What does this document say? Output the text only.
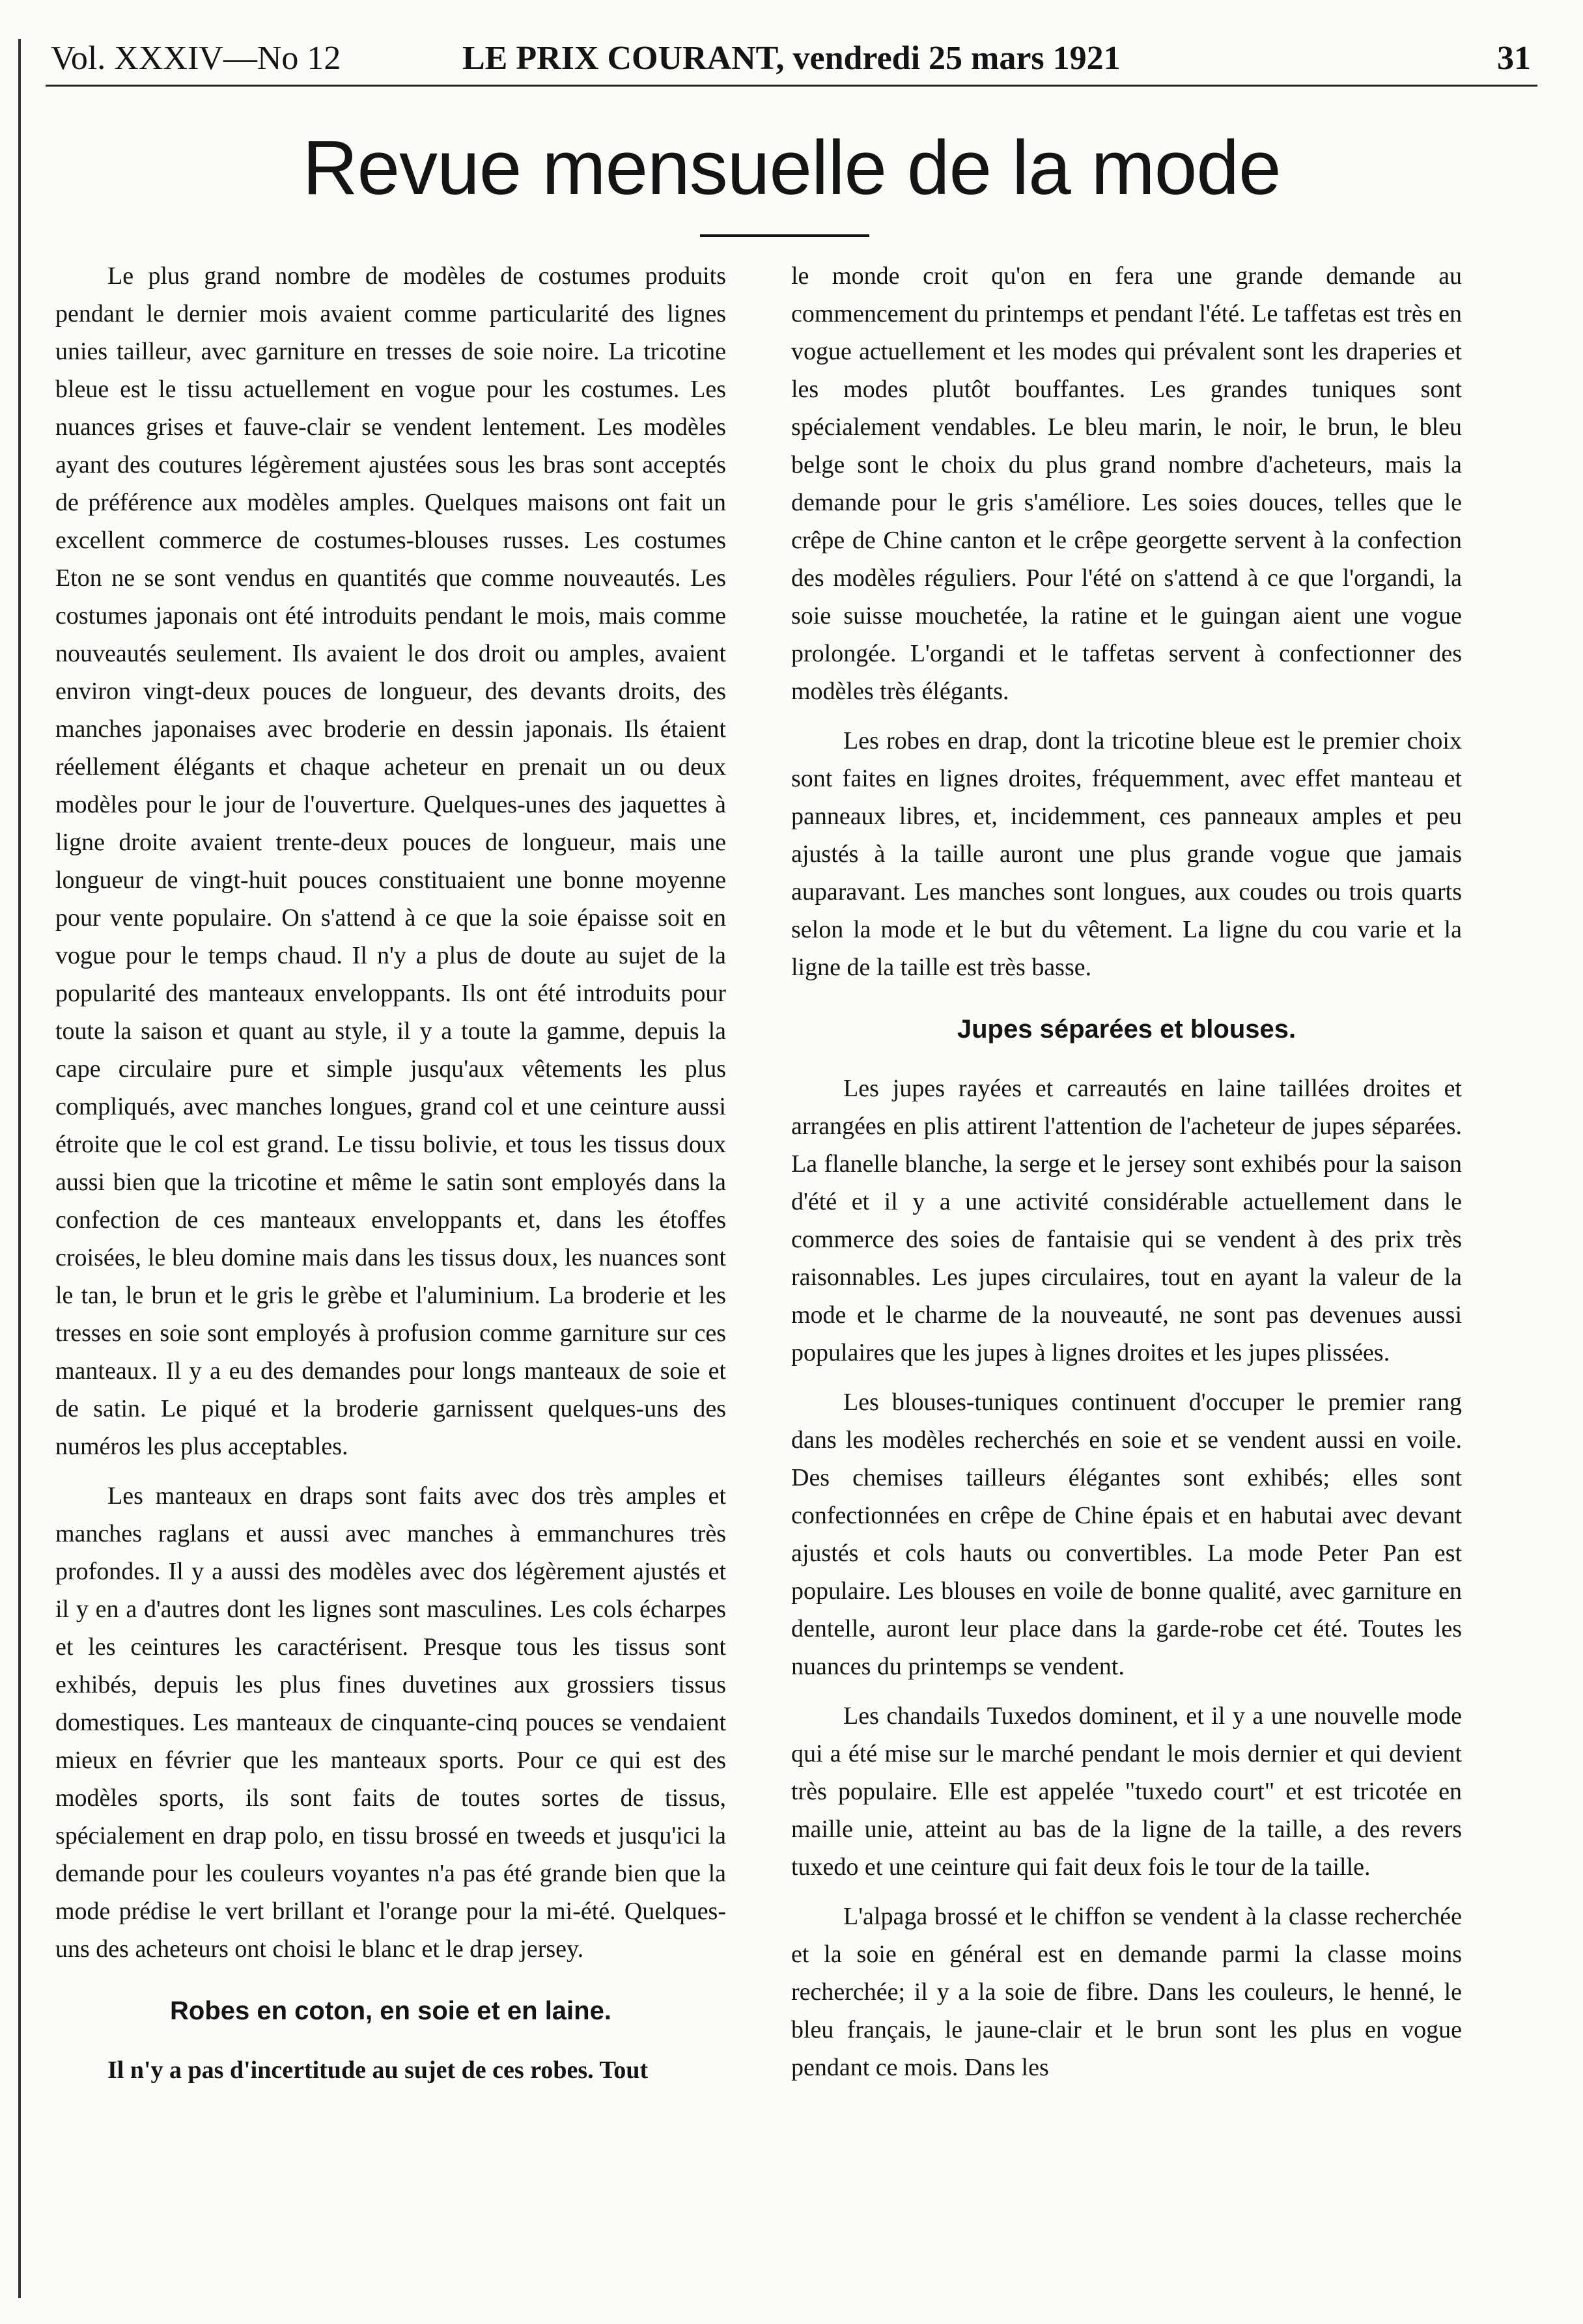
Vol. XXXIV—No 12	LE PRIX COURANT, vendredi 25 mars 1921	31
Revue mensuelle de la mode

Le plus grand nombre de modèles de costumes produits pendant le dernier mois avaient comme particularité des lignes unies tailleur, avec garniture en tresses de soie noire. La tricotine bleue est le tissu actuellement en vogue pour les costumes. Les nuances grises et fauve-clair se vendent lentement. Les modèles ayant des coutures légèrement ajustées sous les bras sont acceptés de préférence aux modèles amples. Quelques maisons ont fait un excellent commerce de costumes-blouses russes. Les costumes Eton ne se sont vendus en quantités que comme nouveautés. Les costumes japonais ont été introduits pendant le mois, mais comme nouveautés seulement. Ils avaient le dos droit ou amples, avaient environ vingt-deux pouces de longueur, des devants droits, des manches japonaises avec broderie en dessin japonais. Ils étaient réellement élégants et chaque acheteur en prenait un ou deux modèles pour le jour de l'ouverture. Quelques-unes des jaquettes à ligne droite avaient trente-deux pouces de longueur, mais une longueur de vingt-huit pouces constituaient une bonne moyenne pour vente populaire. On s'attend à ce que la soie épaisse soit en vogue pour le temps chaud. Il n'y a plus de doute au sujet de la popularité des manteaux enveloppants. Ils ont été introduits pour toute la saison et quant au style, il y a toute la gamme, depuis la cape circulaire pure et simple jusqu'aux vêtements les plus compliqués, avec manches longues, grand col et une ceinture aussi étroite que le col est grand. Le tissu bolivie, et tous les tissus doux aussi bien que la tricotine et même le satin sont employés dans la confection de ces manteaux enveloppants et, dans les étoffes croisées, le bleu domine mais dans les tissus doux, les nuances sont le tan, le brun et le gris le grèbe et l'aluminium. La broderie et les tresses en soie sont employés à profusion comme garniture sur ces manteaux. Il y a eu des demandes pour longs manteaux de soie et de satin. Le piqué et la broderie garnissent quelques-uns des numéros les plus acceptables.

Les manteaux en draps sont faits avec dos très amples et manches raglans et aussi avec manches à emmanchures très profondes. Il y a aussi des modèles avec dos légèrement ajustés et il y en a d'autres dont les lignes sont masculines. Les cols écharpes et les ceintures les caractérisent. Presque tous les tissus sont exhibés, depuis les plus fines duvetines aux grossiers tissus domestiques. Les manteaux de cinquante-cinq pouces se vendaient mieux en février que les manteaux sports. Pour ce qui est des modèles sports, ils sont faits de toutes sortes de tissus, spécialement en drap polo, en tissu brossé en tweeds et jusqu'ici la demande pour les couleurs voyantes n'a pas été grande bien que la mode prédise le vert brillant et l'orange pour la mi-été. Quelques-uns des acheteurs ont choisi le blanc et le drap jersey.

Robes en coton, en soie et en laine.

Il n'y a pas d'incertitude au sujet de ces robes. Tout

le monde croit qu'on en fera une grande demande au commencement du printemps et pendant l'été. Le taffetas est très en vogue actuellement et les modes qui prévalent sont les draperies et les modes plutôt bouffantes. Les grandes tuniques sont spécialement vendables. Le bleu marin, le noir, le brun, le bleu belge sont le choix du plus grand nombre d'acheteurs, mais la demande pour le gris s'améliore. Les soies douces, telles que le crêpe de Chine canton et le crêpe georgette servent à la confection des modèles réguliers. Pour l'été on s'attend à ce que l'organdi, la soie suisse mouchetée, la ratine et le guingan aient une vogue prolongée. L'organdi et le taffetas servent à confectionner des modèles très élégants.

Les robes en drap, dont la tricotine bleue est le premier choix sont faites en lignes droites, fréquemment, avec effet manteau et panneaux libres, et, incidemment, ces panneaux amples et peu ajustés à la taille auront une plus grande vogue que jamais auparavant. Les manches sont longues, aux coudes ou trois quarts selon la mode et le but du vêtement. La ligne du cou varie et la ligne de la taille est très basse.

Jupes séparées et blouses.

Les jupes rayées et carreautés en laine taillées droites et arrangées en plis attirent l'attention de l'acheteur de jupes séparées. La flanelle blanche, la serge et le jersey sont exhibés pour la saison d'été et il y a une activité considérable actuellement dans le commerce des soies de fantaisie qui se vendent à des prix très raisonnables. Les jupes circulaires, tout en ayant la valeur de la mode et le charme de la nouveauté, ne sont pas devenues aussi populaires que les jupes à lignes droites et les jupes plissées.

Les blouses-tuniques continuent d'occuper le premier rang dans les modèles recherchés en soie et se vendent aussi en voile. Des chemises tailleurs élégantes sont exhibés; elles sont confectionnées en crêpe de Chine épais et en habutai avec devant ajustés et cols hauts ou convertibles. La mode Peter Pan est populaire. Les blouses en voile de bonne qualité, avec garniture en dentelle, auront leur place dans la garde-robe cet été. Toutes les nuances du printemps se vendent.

Les chandails Tuxedos dominent, et il y a une nouvelle mode qui a été mise sur le marché pendant le mois dernier et qui devient très populaire. Elle est appelée "tuxedo court" et est tricotée en maille unie, atteint au bas de la ligne de la taille, a des revers tuxedo et une ceinture qui fait deux fois le tour de la taille.

L'alpaga brossé et le chiffon se vendent à la classe recherchée et la soie en général est en demande parmi la classe moins recherchée; il y a la soie de fibre. Dans les couleurs, le henné, le bleu français, le jaune-clair et le brun sont les plus en vogue pendant ce mois. Dans les
